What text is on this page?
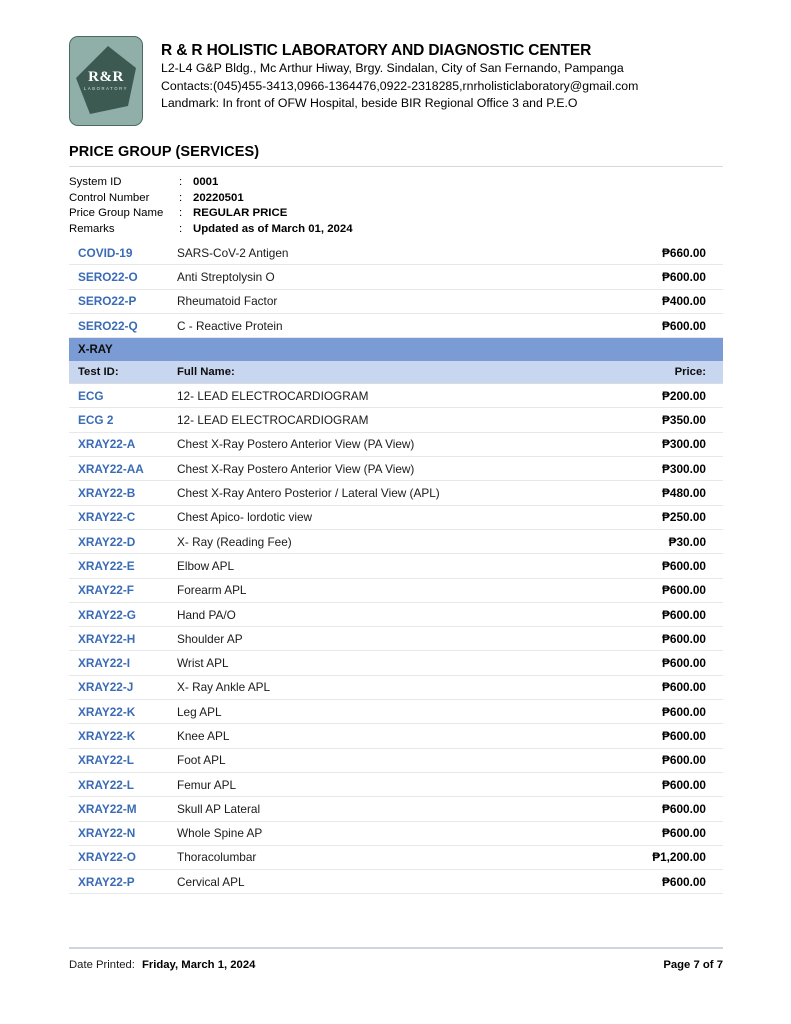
R&R
LABORATORY
R & R HOLISTIC LABORATORY AND DIAGNOSTIC CENTER
L2-L4 G&P Bldg., Mc Arthur Hiway, Brgy. Sindalan, City of San Fernando, Pampanga
Contacts:(045)455-3413,0966-1364476,0922-2318285,rnrholisticlaboratory@gmail.com
Landmark: In front of OFW Hospital, beside BIR Regional Office 3 and P.E.O
PRICE GROUP (SERVICES)
System ID	: 0001
Control Number	: 20220501
Price Group Name	: REGULAR PRICE
Remarks	: Updated as of March 01, 2024
COVID-19	SARS-CoV-2 Antigen	₱660.00
SERO22-O	Anti Streptolysin O	₱600.00
SERO22-P	Rheumatoid Factor	₱400.00
SERO22-Q	C - Reactive Protein	₱600.00
X-RAY
Test ID:	Full Name:	Price:
ECG	12- LEAD ELECTROCARDIOGRAM	₱200.00
ECG 2	12- LEAD ELECTROCARDIOGRAM	₱350.00
XRAY22-A	Chest X-Ray Postero Anterior View (PA View)	₱300.00
XRAY22-AA	Chest X-Ray Postero Anterior View (PA View)	₱300.00
XRAY22-B	Chest X-Ray Antero Posterior / Lateral View (APL)	₱480.00
XRAY22-C	Chest Apico- lordotic view	₱250.00
XRAY22-D	X- Ray (Reading Fee)	₱30.00
XRAY22-E	Elbow APL	₱600.00
XRAY22-F	Forearm APL	₱600.00
XRAY22-G	Hand PA/O	₱600.00
XRAY22-H	Shoulder AP	₱600.00
XRAY22-I	Wrist APL	₱600.00
XRAY22-J	X- Ray Ankle APL	₱600.00
XRAY22-K	Leg APL	₱600.00
XRAY22-K	Knee APL	₱600.00
XRAY22-L	Foot APL	₱600.00
XRAY22-L	Femur APL	₱600.00
XRAY22-M	Skull AP Lateral	₱600.00
XRAY22-N	Whole Spine AP	₱600.00
XRAY22-O	Thoracolumbar	₱1,200.00
XRAY22-P	Cervical APL	₱600.00
Date Printed: Friday, March 1, 2024	Page 7 of 7
